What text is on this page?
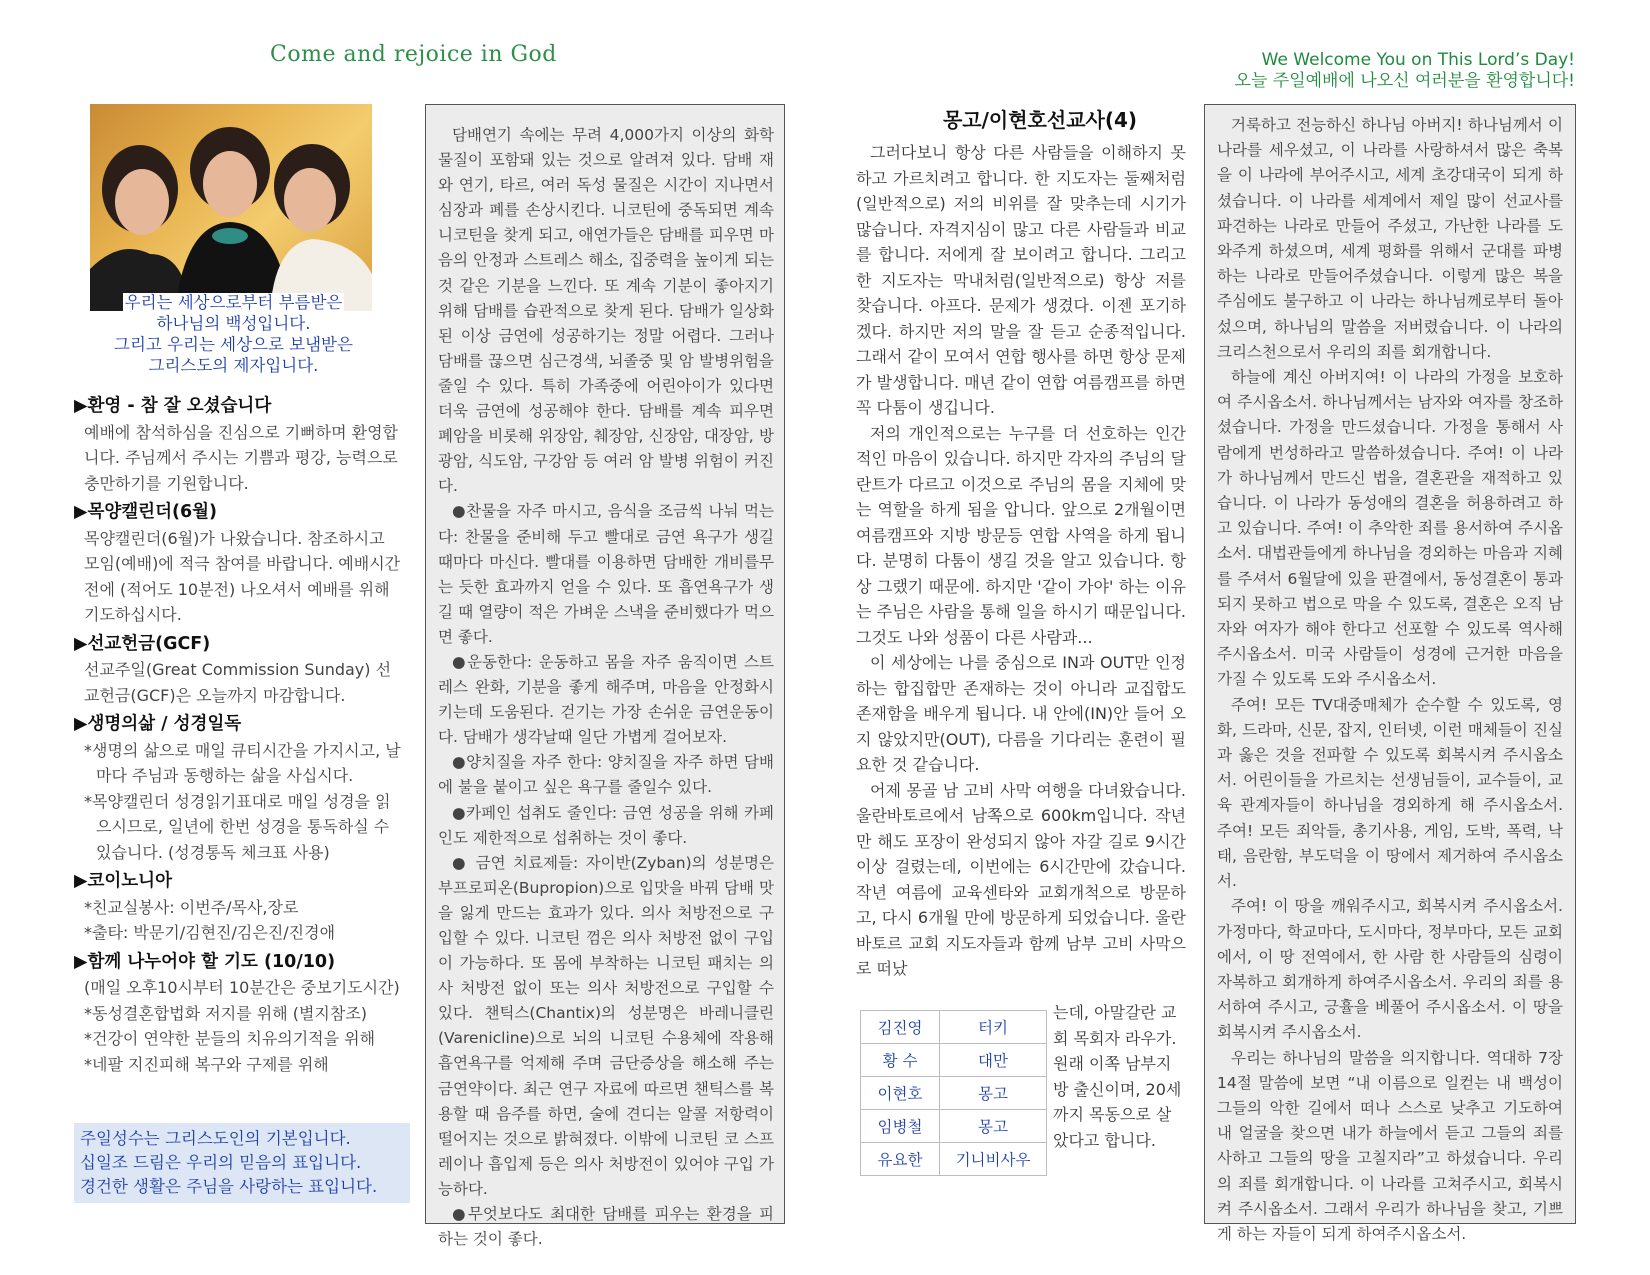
Come and rejoice in God	We Welcome You on This Lord’s Day!
오늘 주일예배에 나오신 여러분을 환영합니다!
우리는 세상으로부터 부름받은
하나님의 백성입니다.
그리고 우리는 세상으로 보냄받은
그리스도의 제자입니다.
▶환영 - 참 잘 오셨습니다
예배에 참석하심을 진심으로 기뻐하며 환영합니다. 주님께서 주시는 기쁨과 평강, 능력으로 충만하기를 기원합니다.
▶목양캘린더(6월)
목양캘린더(6월)가 나왔습니다. 참조하시고 모임(예배)에 적극 참여를 바랍니다. 예배시간 전에 (적어도 10분전) 나오셔서 예배를 위해 기도하십시다.
▶선교헌금(GCF)
선교주일(Great Commission Sunday) 선교헌금(GCF)은 오늘까지 마감합니다.
▶생명의삶 / 성경일독

*생명의 삶으로 매일 큐티시간을 가지시고, 날마다 주님과 동행하는 삶을 사십시다.

*목양캘린더 성경읽기표대로 매일 성경을 읽으시므로, 일년에 한번 성경을 통독하실 수 있습니다. (성경통독 체크표 사용)

▶코이노니아

*친교실봉사: 이번주/목사,장로

*출타: 박문기/김현진/김은진/진경애

▶함께 나누어야 할 기도 (10/10)

(매일 오후10시부터 10분간은 중보기도시간)

*동성결혼합법화 저지를 위해 (별지참조)

*건강이 연약한 분들의 치유의기적을 위해

*네팔 지진피해 복구와 구제를 위해

주일성수는 그리스도인의 기본입니다.
십일조 드림은 우리의 믿음의 표입니다.
경건한 생활은 주님을 사랑하는 표입니다.

담배연기 속에는 무려 4,000가지 이상의 화학물질이 포함돼 있는 것으로 알려져 있다. 담배 재와 연기, 타르, 여러 독성 물질은 시간이 지나면서 심장과 폐를 손상시킨다. 니코틴에 중독되면 계속 니코틴을 찾게 되고, 애연가들은 담배를 피우면 마음의 안정과 스트레스 해소, 집중력을 높이게 되는 것 같은 기분을 느낀다. 또 계속 기분이 좋아지기 위해 담배를 습관적으로 찾게 된다. 담배가 일상화된 이상 금연에 성공하기는 정말 어렵다. 그러나 담배를 끊으면 심근경색, 뇌졸중 및 암 발병위험을 줄일 수 있다. 특히 가족중에 어린아이가 있다면 더욱 금연에 성공해야 한다. 담배를 계속 피우면 폐암을 비롯해 위장암, 췌장암, 신장암, 대장암, 방광암, 식도암, 구강암 등 여러 암 발병 위험이 커진다.

●찬물을 자주 마시고, 음식을 조금씩 나눠 먹는다: 찬물을 준비해 두고 빨대로 금연 욕구가 생길때마다 마신다. 빨대를 이용하면 담배한 개비를무는 듯한 효과까지 얻을 수 있다. 또 흡연욕구가 생길 때 열량이 적은 가벼운 스낵을 준비했다가 먹으면 좋다.

●운동한다: 운동하고 몸을 자주 움직이면 스트레스 완화, 기분을 좋게 해주며, 마음을 안정화시키는데 도움된다. 걷기는 가장 손쉬운 금연운동이다. 담배가 생각날때 일단 가볍게 걸어보자.

●양치질을 자주 한다: 양치질을 자주 하면 담배에 불을 붙이고 싶은 욕구를 줄일수 있다.

●카페인 섭취도 줄인다: 금연 성공을 위해 카페인도 제한적으로 섭취하는 것이 좋다.

● 금연 치료제들: 자이반(Zyban)의 성분명은 부프로피온(Bupropion)으로 입맛을 바꿔 담배 맛을 잃게 만드는 효과가 있다. 의사 처방전으로 구입할 수 있다. 니코틴 껌은 의사 처방전 없이 구입이 가능하다. 또 몸에 부착하는 니코틴 패치는 의사 처방전 없이 또는 의사 처방전으로 구입할 수 있다. 챈틱스(Chantix)의 성분명은 바레니클린(Varenicline)으로 뇌의 니코틴 수용체에 작용해 흡연욕구를 억제해 주며 금단증상을 해소해 주는 금연약이다. 최근 연구 자료에 따르면 챈틱스를 복용할 때 음주를 하면, 술에 견디는 알콜 저항력이 떨어지는 것으로 밝혀졌다. 이밖에 니코틴 코 스프레이나 흡입제 등은 의사 처방전이 있어야 구입 가능하다.

●무엇보다도 최대한 담배를 피우는 환경을 피하는 것이 좋다.

몽고/이현호선교사(4)

그러다보니 항상 다른 사람들을 이해하지 못하고 가르치려고 합니다. 한 지도자는 둘째처럼(일반적으로) 저의 비위를 잘 맞추는데 시기가 많습니다. 자격지심이 많고 다른 사람들과 비교를 합니다. 저에게 잘 보이려고 합니다. 그리고 한 지도자는 막내처럼(일반적으로) 항상 저를 찾습니다. 아프다. 문제가 생겼다. 이젠 포기하겠다. 하지만 저의 말을 잘 듣고 순종적입니다. 그래서 같이 모여서 연합 행사를 하면 항상 문제가 발생합니다. 매년 같이 연합 여름캠프를 하면 꼭 다툼이 생깁니다.

저의 개인적으로는 누구를 더 선호하는 인간적인 마음이 있습니다. 하지만 각자의 주님의 달란트가 다르고 이것으로 주님의 몸을 지체에 맞는 역할을 하게 됨을 압니다. 앞으로 2개월이면 여름캠프와 지방 방문등 연합 사역을 하게 됩니다. 분명히 다툼이 생길 것을 알고 있습니다. 항상 그랬기 때문에. 하지만 '같이 가야' 하는 이유는 주님은 사람을 통해 일을 하시기 때문입니다. 그것도 나와 성품이 다른 사람과...

이 세상에는 나를 중심으로 IN과 OUT만 인정하는 합집합만 존재하는 것이 아니라 교집합도 존재함을 배우게 됩니다. 내 안에(IN)안 들어 오지 않았지만(OUT), 다름을 기다리는 훈련이 필요한 것 같습니다.

어제 몽골 남 고비 사막 여행을 다녀왔습니다. 울란바토르에서 남쪽으로 600km입니다. 작년만 해도 포장이 완성되지 않아 자갈 길로 9시간 이상 걸렸는데, 이번에는 6시간만에 갔습니다. 작년 여름에 교육센타와 교회개척으로 방문하고, 다시 6개월 만에 방문하게 되었습니다. 울란바토르 교회 지도자들과 함께 남부 고비 사막으로 떠났

김진영	터키
황 수	대만
이현호	몽고
임병철	몽고
유요한	기니비사우
는데, 아말갈란 교회 목회자 라우가. 원래 이쪽 남부지방 출신이며, 20세까지 목동으로 살았다고 합니다.

거룩하고 전능하신 하나님 아버지! 하나님께서 이 나라를 세우셨고, 이 나라를 사랑하셔서 많은 축복을 이 나라에 부어주시고, 세계 초강대국이 되게 하셨습니다. 이 나라를 세계에서 제일 많이 선교사를 파견하는 나라로 만들어 주셨고, 가난한 나라를 도와주게 하셨으며, 세계 평화를 위해서 군대를 파병하는 나라로 만들어주셨습니다. 이렇게 많은 복을 주심에도 불구하고 이 나라는 하나님께로부터 돌아섰으며, 하나님의 말씀을 저버렸습니다. 이 나라의 크리스천으로서 우리의 죄를 회개합니다.

하늘에 계신 아버지여! 이 나라의 가정을 보호하여 주시옵소서. 하나님께서는 남자와 여자를 창조하셨습니다. 가정을 만드셨습니다. 가정을 통해서 사람에게 번성하라고 말씀하셨습니다. 주여! 이 나라가 하나님께서 만드신 법을, 결혼관을 재적하고 있습니다. 이 나라가 동성애의 결혼을 허용하려고 하고 있습니다. 주여! 이 추악한 죄를 용서하여 주시옵소서. 대법관들에게 하나님을 경외하는 마음과 지혜를 주셔서 6월달에 있을 판결에서, 동성결혼이 통과되지 못하고 법으로 막을 수 있도록, 결혼은 오직 남자와 여자가 해야 한다고 선포할 수 있도록 역사해주시옵소서. 미국 사람들이 성경에 근거한 마음을 가질 수 있도록 도와 주시옵소서.

주여! 모든 TV대중매체가 순수할 수 있도록, 영화, 드라마, 신문, 잡지, 인터넷, 이런 매체들이 진실과 옳은 것을 전파할 수 있도록 회복시켜 주시옵소서. 어린이들을 가르치는 선생님들이, 교수들이, 교육 관계자들이 하나님을 경외하게 해 주시옵소서. 주여! 모든 죄악들, 총기사용, 게임, 도박, 폭력, 낙태, 음란함, 부도덕을 이 땅에서 제거하여 주시옵소서.

주여! 이 땅을 깨워주시고, 회복시켜 주시옵소서. 가정마다, 학교마다, 도시마다, 정부마다, 모든 교회에서, 이 땅 전역에서, 한 사람 한 사람들의 심령이 자복하고 회개하게 하여주시옵소서. 우리의 죄를 용서하여 주시고, 긍휼을 베풀어 주시옵소서. 이 땅을 회복시켜 주시옵소서.

우리는 하나님의 말씀을 의지합니다. 역대하 7장14절 말씀에 보면 “내 이름으로 일컫는 내 백성이 그들의 악한 길에서 떠나 스스로 낮추고 기도하여 내 얼굴을 찾으면 내가 하늘에서 듣고 그들의 죄를 사하고 그들의 땅을 고칠지라”고 하셨습니다. 우리의 죄를 회개합니다. 이 나라를 고쳐주시고, 회복시켜 주시옵소서. 그래서 우리가 하나님을 찾고, 기쁘게 하는 자들이 되게 하여주시옵소서.
